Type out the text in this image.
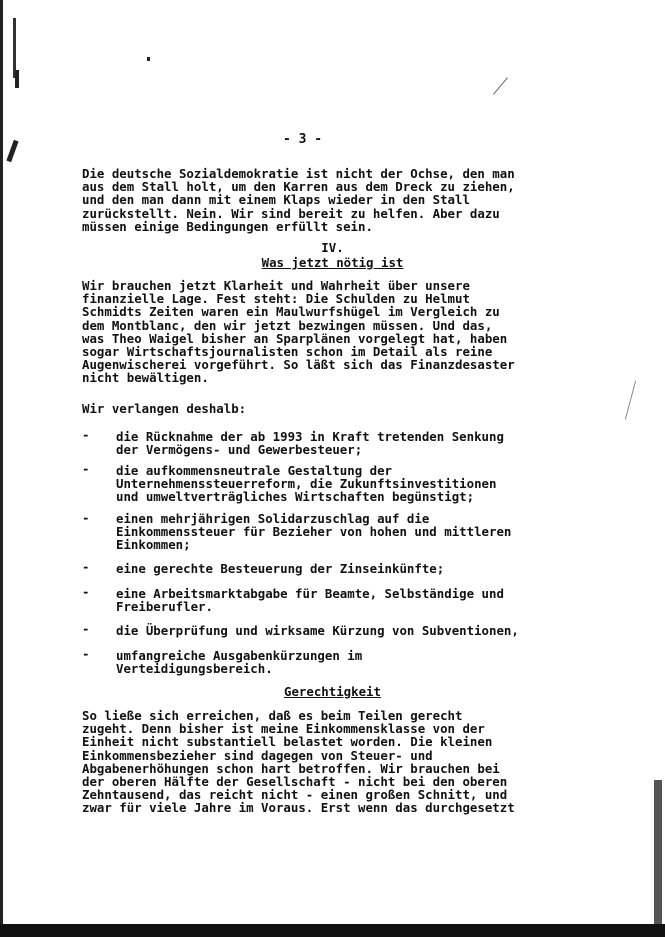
- 3 -
Die deutsche Sozialdemokratie ist nicht der Ochse, den man
aus dem Stall holt, um den Karren aus dem Dreck zu ziehen,
und den man dann mit einem Klaps wieder in den Stall
zurückstellt. Nein. Wir sind bereit zu helfen. Aber dazu
müssen einige Bedingungen erfüllt sein.
IV.
Was jetzt nötig ist
Wir brauchen jetzt Klarheit und Wahrheit über unsere
finanzielle Lage. Fest steht: Die Schulden zu Helmut
Schmidts Zeiten waren ein Maulwurfshügel im Vergleich zu
dem Montblanc, den wir jetzt bezwingen müssen. Und das,
was Theo Waigel bisher an Sparplänen vorgelegt hat, haben
sogar Wirtschaftsjournalisten schon im Detail als reine
Augenwischerei vorgeführt. So läßt sich das Finanzdesaster
nicht bewältigen.
Wir verlangen deshalb:
- die Rücknahme der ab 1993 in Kraft tretenden Senkung
der Vermögens- und Gewerbesteuer;
- die aufkommensneutrale Gestaltung der
Unternehmenssteuerreform, die Zukunftsinvestitionen
und umweltverträgliches Wirtschaften begünstigt;
- einen mehrjährigen Solidarzuschlag auf die
Einkommenssteuer für Bezieher von hohen und mittleren
Einkommen;
- eine gerechte Besteuerung der Zinseinkünfte;
- eine Arbeitsmarktabgabe für Beamte, Selbständige und
Freiberufler.
- die Überprüfung und wirksame Kürzung von Subventionen,
- umfangreiche Ausgabenkürzungen im
Verteidigungsbereich.
Gerechtigkeit
So ließe sich erreichen, daß es beim Teilen gerecht
zugeht. Denn bisher ist meine Einkommensklasse von der
Einheit nicht substantiell belastet worden. Die kleinen
Einkommensbezieher sind dagegen von Steuer- und
Abgabenerhöhungen schon hart betroffen. Wir brauchen bei
der oberen Hälfte der Gesellschaft - nicht bei den oberen
Zehntausend, das reicht nicht - einen großen Schnitt, und
zwar für viele Jahre im Voraus. Erst wenn das durchgesetzt
